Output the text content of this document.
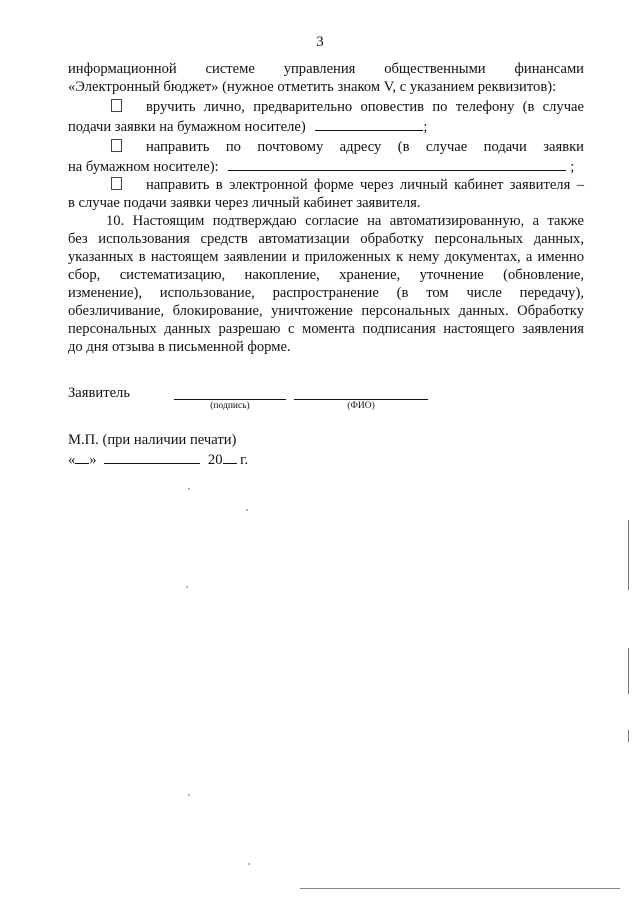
3
информационной системе управления общественными финансами
«Электронный бюджет» (нужное отметить знаком V, с указанием реквизитов):
вручить лично, предварительно оповестив по телефону (в случае
подачи заявки на бумажном носителе)	;
направить по почтовому адресу (в случае подачи заявки
на бумажном носителе):	;
направить в электронной форме через личный кабинет заявителя –
в случае подачи заявки через личный кабинет заявителя.
10. Настоящим подтверждаю согласие на автоматизированную, а также
без использования средств автоматизации обработку персональных данных,
указанных в настоящем заявлении и приложенных к нему документах, а именно
сбор, систематизацию, накопление, хранение, уточнение (обновление,
изменение), использование, распространение (в том числе передачу),
обезличивание, блокирование, уничтожение персональных данных. Обработку
персональных данных разрешаю с момента подписания настоящего заявления
до дня отзыва в письменной форме.
Заявитель
(подпись)	(ФИО)
М.П. (при наличии печати)
« »	20 г.
